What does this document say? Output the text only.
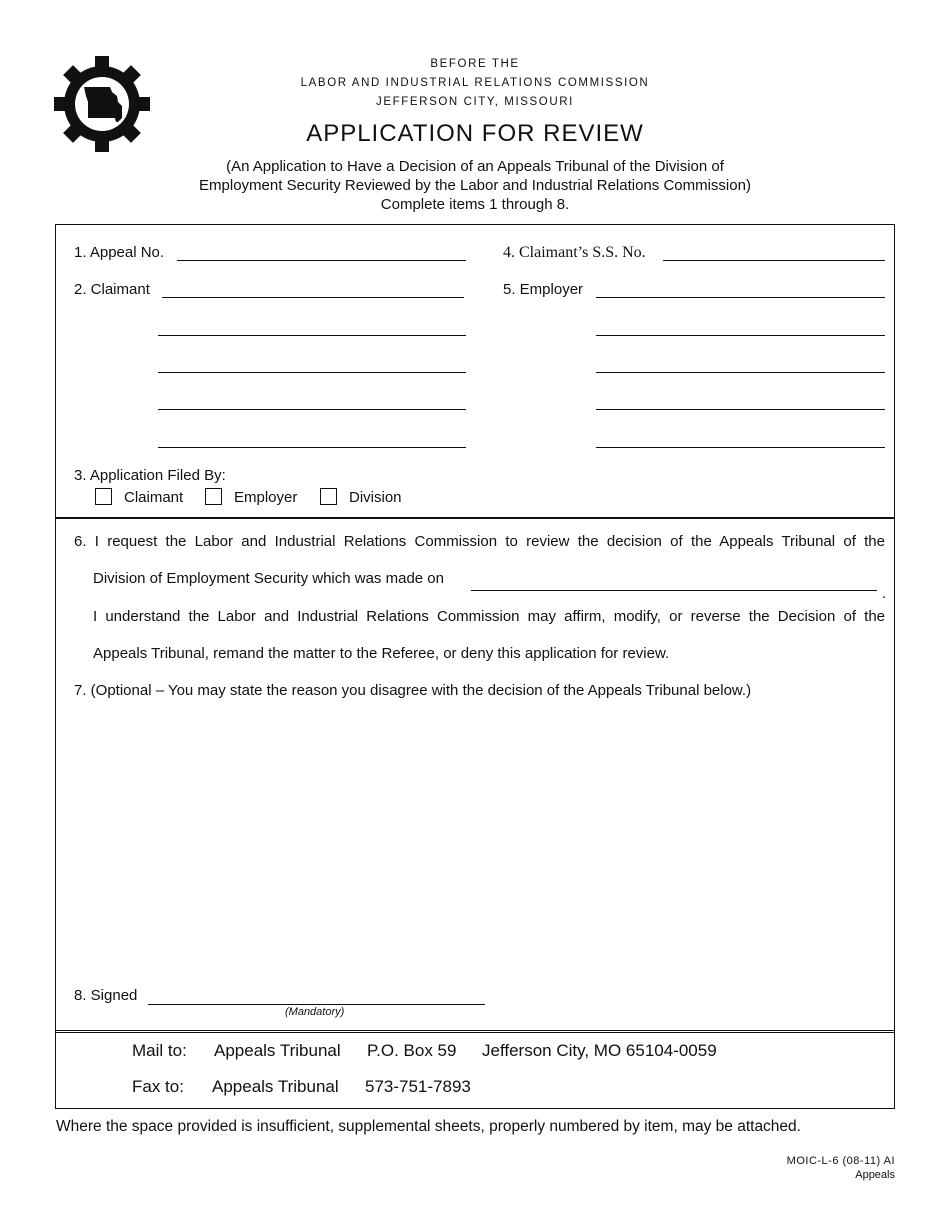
BEFORE THE
LABOR AND INDUSTRIAL RELATIONS COMMISSION
JEFFERSON CITY, MISSOURI
APPLICATION FOR REVIEW
(An Application to Have a Decision of an Appeals Tribunal of the Division of
Employment Security Reviewed by the Labor and Industrial Relations Commission)
Complete items 1 through 8.
1. Appeal No.	4. Claimant’s S.S. No.
2. Claimant	5. Employer
3. Application Filed By:
Claimant	Employer	Division
6. I request the Labor and Industrial Relations Commission to review the decision of the Appeals Tribunal of the
Division of Employment Security which was made on
.
I understand the Labor and Industrial Relations Commission may affirm, modify, or reverse the Decision of the
Appeals Tribunal, remand the matter to the Referee, or deny this application for review.
7. (Optional – You may state the reason you disagree with the decision of the Appeals Tribunal below.)
8. Signed
(Mandatory)
Mail to: Appeals Tribunal P.O. Box 59 Jefferson City, MO 65104-0059
Fax to: Appeals Tribunal 573-751-7893
Where the space provided is insufficient, supplemental sheets, properly numbered by item, may be attached.
MOIC-L-6 (08-11) AI
Appeals
